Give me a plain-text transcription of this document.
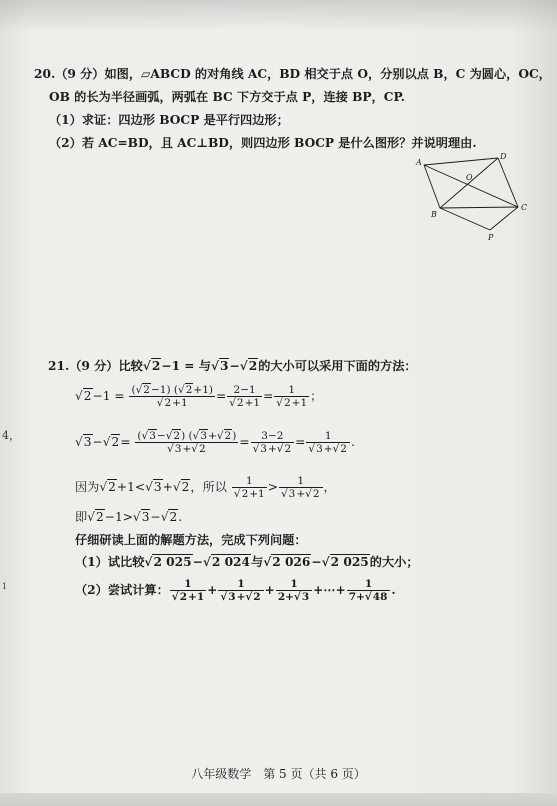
20.（9 分）如图，▱ABCD 的对角线 AC，BD 相交于点 O，分别以点 B，C 为圆心，OC，
OB 的长为半径画弧，两弧在 BC 下方交于点 P，连接 BP，CP.
（1）求证：四边形 BOCP 是平行四边形；
（2）若 AC=BD，且 AC⊥BD，则四边形 BOCP 是什么图形？并说明理由.
A
D
O
B
C
P
21.（9 分）比较√2−1 = 与√3−√2的大小可以采用下面的方法：
$√2-1 = \frac{(√2-1) (√2+1)}{√2+1} = \frac{2-1}{√2+1} = \frac{1}{√2+1}$ ；
$√3-√2= \frac{(√3-√2) (√3+√2)}{√3+√2} = \frac{3-2}{√3+√2} = \frac{1}{√3+√2}$ .
因为√2+1<√3+√2，所以 $\frac{1}{√2+1} > \frac{1}{√3+√2}$ ，
即√2−1>√3−√2.
仔细研读上面的解题方法，完成下列问题：
（1）试比较√2 025−√2 024与√2 026−√2 025的大小；
（2）尝试计算： $\frac{1}{√2+1} + \frac{1}{√3+√2} + \frac{1}{2+√3}$ +⋯+ $\frac{1}{7+√48}$ .
4，
1
八年级数学　第 5 页（共 6 页）
